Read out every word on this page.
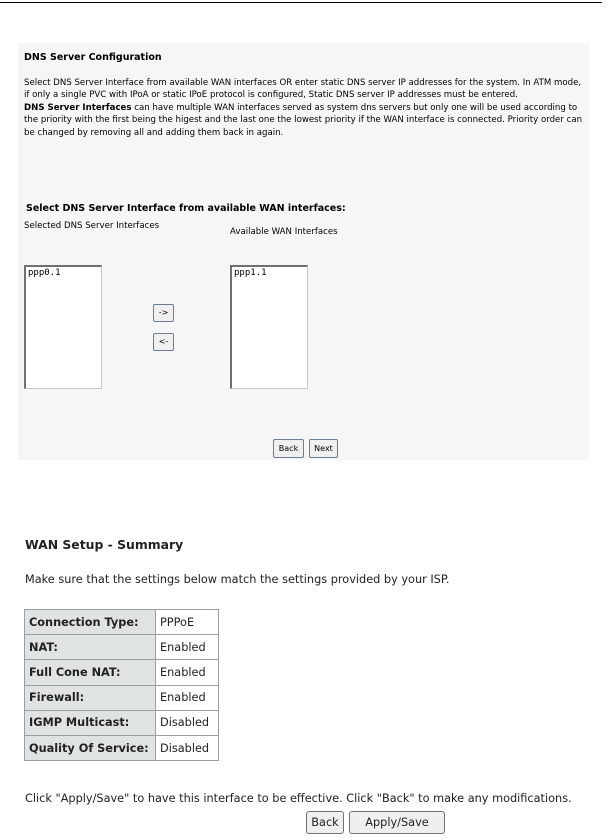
DNS Server Configuration
Select DNS Server Interface from available WAN interfaces OR enter static DNS server IP addresses for the system. In ATM mode, if only a single PVC with IPoA or static IPoE protocol is configured, Static DNS server IP addresses must be entered.
DNS Server Interfaces can have multiple WAN interfaces served as system dns servers but only one will be used according to the priority with the first being the higest and the last one the lowest priority if the WAN interface is connected. Priority order can be changed by removing all and adding them back in again.
Select DNS Server Interface from available WAN interfaces:
Selected DNS Server Interfaces
Available WAN Interfaces
ppp0.1
->
<-
ppp1.1
Back	Next
WAN Setup - Summary
Make sure that the settings below match the settings provided by your ISP.
Connection Type:	PPPoE
NAT:	Enabled
Full Cone NAT:	Enabled
Firewall:	Enabled
IGMP Multicast:	Disabled
Quality Of Service:	Disabled
Click "Apply/Save" to have this interface to be effective. Click "Back" to make any modifications.
Back	Apply/Save
